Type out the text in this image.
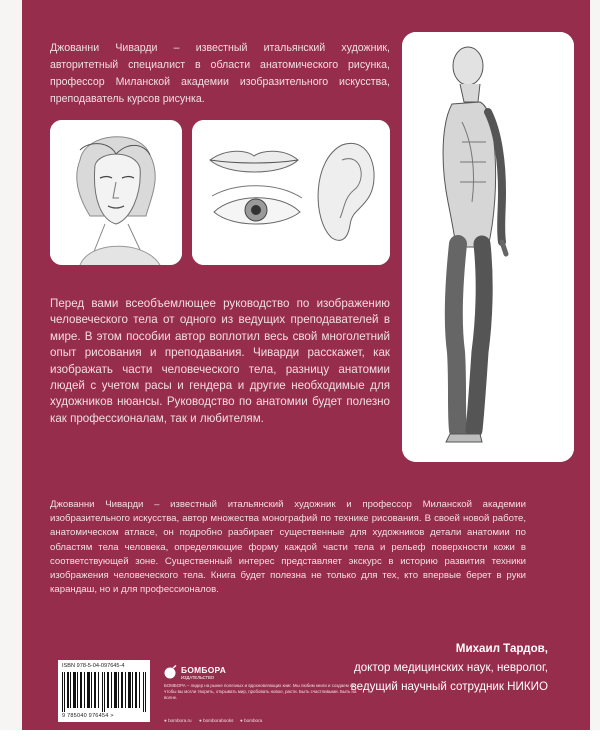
Джованни Чиварди – известный итальянский художник, авторитетный специалист в области анатомического рисунка, профессор Миланской академии изобразительного искусства, преподаватель курсов рисунка.

Перед вами всеобъемлющее руководство по изображению человеческого тела от одного из ведущих преподавателей в мире. В этом пособии автор воплотил весь свой многолетний опыт рисования и преподавания. Чиварди расскажет, как изображать части человеческого тела, разницу анатомии людей с учетом расы и гендера и другие необходимые для художников нюансы. Руководство по анатомии будет полезно как профессионалам, так и любителям.

Джованни Чиварди – известный итальянский художник и профессор Миланской академии изобразительного искусства, автор множества монографий по технике рисования. В своей новой работе, анатомическом атласе, он подробно разбирает существенные для художников детали анатомии по областям тела человека, определяющие форму каждой части тела и рельеф поверхности кожи в соответствующей зоне. Существенный интерес представляет экскурс в историю развития техники изображения человеческого тела. Книга будет полезна не только для тех, кто впервые берет в руки карандаш, но и для профессионалов.

Михаил Тардов,
доктор медицинских наук, невролог,
ведущий научный сотрудник НИКИО
ISBN 978-5-04-097645-4
9 785040 976454 >
БОМБОРА
ИЗДАТЕЛЬСТВО

БОМБОРА – лидер на рынке полезных и вдохновляющих книг. Мы любим книги и создаем их, чтобы вы могли творить, открывать мир, пробовать новое, расти. Быть счастливыми. Быть на волне.

● bombora.ru ● bomborabooks ● bombora
